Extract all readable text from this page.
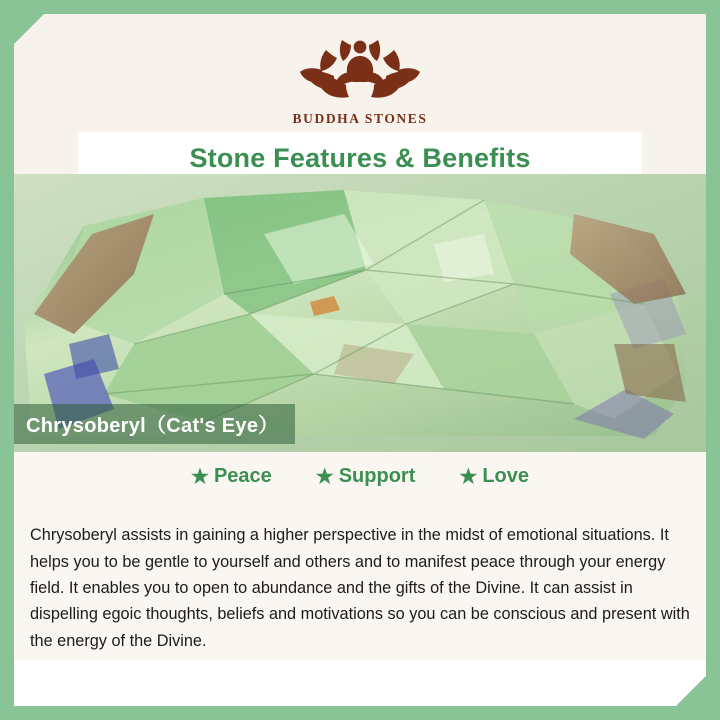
BUDDHA STONES
Stone Features & Benefits
Chrysoberyl（Cat's Eye）
★ Peace ★ Support ★ Love

Chrysoberyl assists in gaining a higher perspective in the midst of emotional situations. It helps you to be gentle to yourself and others and to manifest peace through your energy field. It enables you to open to abundance and the gifts of the Divine. It can assist in dispelling egoic thoughts, beliefs and motivations so you can be conscious and present with the energy of the Divine.
